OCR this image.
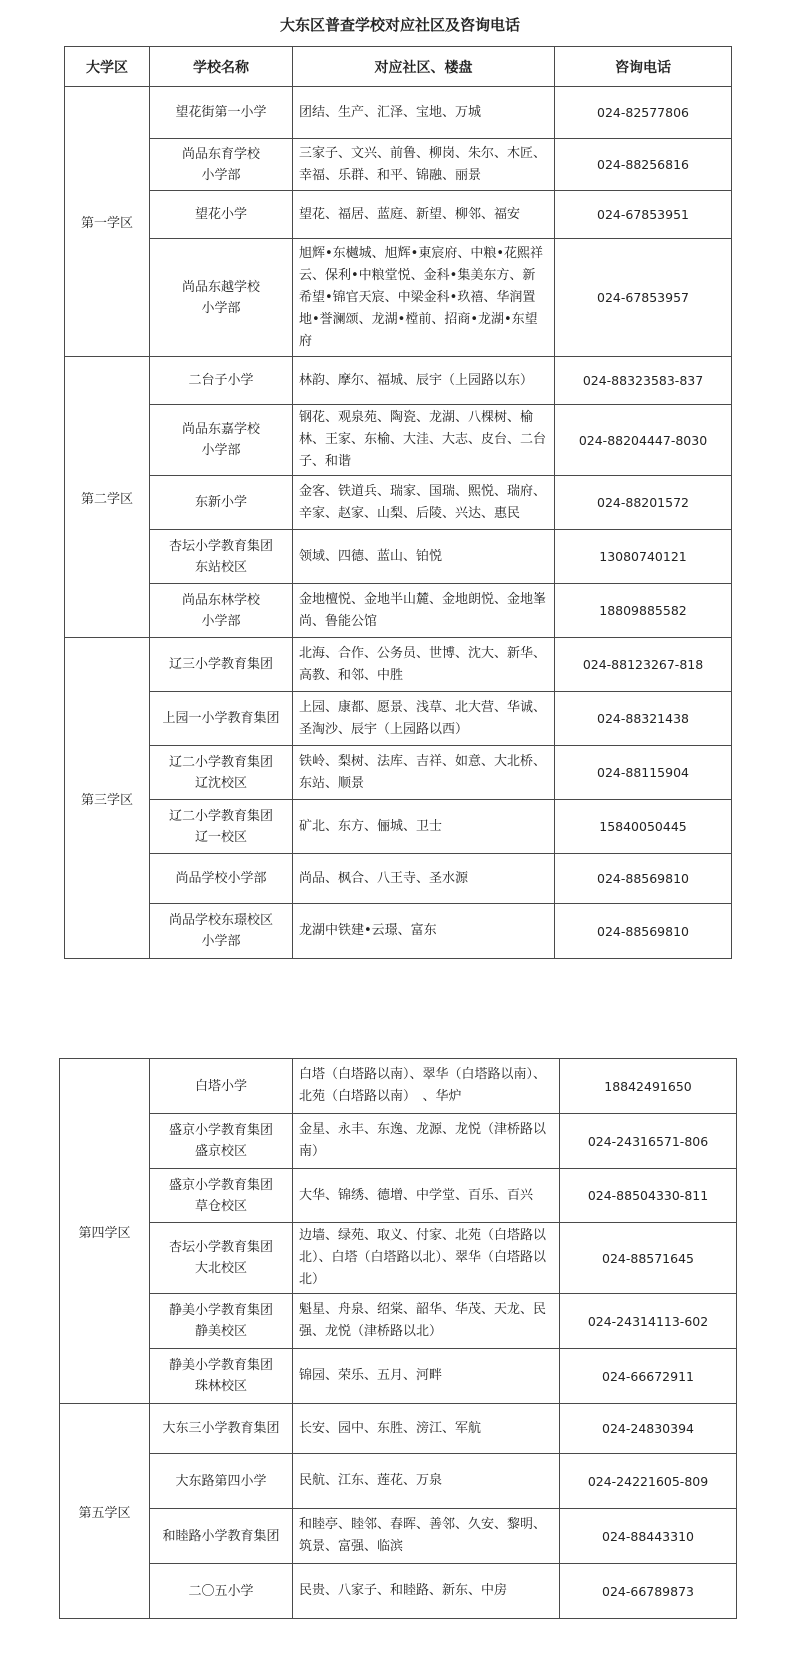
大东区普查学校对应社区及咨询电话
大学区	学校名称	对应社区、楼盘	咨询电话
第一学区	望花街第一小学	团结、生产、汇泽、宝地、万城	024-82577806

	尚品东育学校
小学部	三家子、文兴、前鲁、柳岗、朱尔、木匠、幸福、乐群、和平、锦融、丽景	024-88256816

	望花小学	望花、福居、蓝庭、新望、柳邻、福安	024-67853951

	尚品东越学校
小学部	旭辉•东樾城、旭辉•東宸府、中粮•花熙祥云、保利•中粮堂悦、金科•集美东方、新希望•锦官天宸、中梁金科•玖禧、华润置地•誉澜颂、龙湖•樘前、招商•龙湖•东望府	024-67853957
第二学区	二台子小学	林韵、摩尔、福城、辰宇（上园路以东）	024-88323583-837

	尚品东嘉学校
小学部	钢花、观泉苑、陶瓷、龙湖、八棵树、榆林、王家、东榆、大洼、大志、皮台、二台子、和谐	024-88204447-8030

	东新小学	金客、铁道兵、瑞家、国瑞、熙悦、瑞府、辛家、赵家、山梨、后陵、兴达、惠民	024-88201572

	杏坛小学教育集团
东站校区	领域、四德、蓝山、铂悦	13080740121

	尚品东林学校
小学部	金地檀悦、金地半山麓、金地朗悦、金地峯尚、鲁能公馆	18809885582
第三学区	辽三小学教育集团	北海、合作、公务员、世博、沈大、新华、高教、和邻、中胜	024-88123267-818

	上园一小学教育集团	上园、康都、愿景、浅草、北大营、华诚、圣淘沙、辰宇（上园路以西）	024-88321438

	辽二小学教育集团
辽沈校区	铁岭、梨树、法库、吉祥、如意、大北桥、东站、顺景	024-88115904

	辽二小学教育集团
辽一校区	矿北、东方、俪城、卫士	15840050445

	尚品学校小学部	尚品、枫合、八王寺、圣水源	024-88569810

	尚品学校东璟校区
小学部	龙湖中铁建•云璟、富东	024-88569810
第四学区	白塔小学	白塔（白塔路以南）、翠华（白塔路以南）、北苑（白塔路以南）　、华炉	18842491650

	盛京小学教育集团
盛京校区	金星、永丰、东逸、龙源、龙悦（津桥路以南）	024-24316571-806

	盛京小学教育集团
草仓校区	大华、锦绣、德增、中学堂、百乐、百兴	024-88504330-811

	杏坛小学教育集团
大北校区	边墙、绿苑、取义、付家、北苑（白塔路以北）、白塔（白塔路以北）、翠华（白塔路以北）	024-88571645

	静美小学教育集团
静美校区	魁星、舟泉、绍棠、韶华、华茂、天龙、民强、龙悦（津桥路以北）	024-24314113-602

	静美小学教育集团
珠林校区	锦园、荣乐、五月、河畔	024-66672911
第五学区	大东三小学教育集团	长安、园中、东胜、滂江、军航	024-24830394

	大东路第四小学	民航、江东、莲花、万泉	024-24221605-809

	和睦路小学教育集团	和睦亭、睦邻、春晖、善邻、久安、黎明、筑景、富强、临滨	024-88443310

	二〇五小学	民贵、八家子、和睦路、新东、中房	024-66789873
